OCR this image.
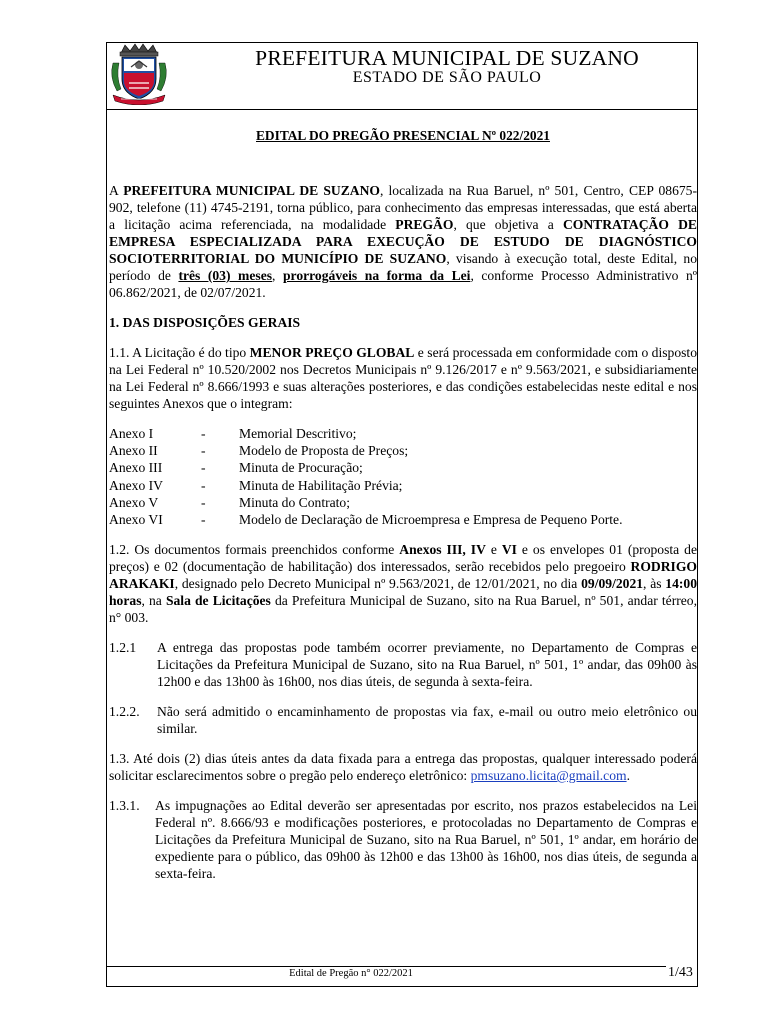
PREFEITURA MUNICIPAL DE SUZANO
ESTADO DE SÃO PAULO

EDITAL DO PREGÃO PRESENCIAL Nº 022/2021

A PREFEITURA MUNICIPAL DE SUZANO, localizada na Rua Baruel, nº 501, Centro, CEP 08675-902, telefone (11) 4745-2191, torna público, para conhecimento das empresas interessadas, que está aberta a licitação acima referenciada, na modalidade PREGÃO, que objetiva a CONTRATAÇÃO DE EMPRESA ESPECIALIZADA PARA EXECUÇÃO DE ESTUDO DE DIAGNÓSTICO SOCIOTERRITORIAL DO MUNICÍPIO DE SUZANO, visando à execução total, deste Edital, no período de três (03) meses, prorrogáveis na forma da Lei, conforme Processo Administrativo nº 06.862/2021, de 02/07/2021.

1. DAS DISPOSIÇÕES GERAIS

1.1. A Licitação é do tipo MENOR PREÇO GLOBAL e será processada em conformidade com o disposto na Lei Federal nº 10.520/2002 nos Decretos Municipais nº 9.126/2017 e nº 9.563/2021, e subsidiariamente na Lei Federal nº 8.666/1993 e suas alterações posteriores, e das condições estabelecidas neste edital e nos seguintes Anexos que o integram:

Anexo I	-	Memorial Descritivo;
Anexo II	-	Modelo de Proposta de Preços;
Anexo III	-	Minuta de Procuração;
Anexo IV	-	Minuta de Habilitação Prévia;
Anexo V	-	Minuta do Contrato;
Anexo VI	-	Modelo de Declaração de Microempresa e Empresa de Pequeno Porte.

1.2. Os documentos formais preenchidos conforme Anexos III, IV e VI e os envelopes 01 (proposta de preços) e 02 (documentação de habilitação) dos interessados, serão recebidos pelo pregoeiro RODRIGO ARAKAKI, designado pelo Decreto Municipal nº 9.563/2021, de 12/01/2021, no dia 09/09/2021, às 14:00 horas, na Sala de Licitações da Prefeitura Municipal de Suzano, sito na Rua Baruel, nº 501, andar térreo, n° 003.

1.2.1	A entrega das propostas pode também ocorrer previamente, no Departamento de Compras e Licitações da Prefeitura Municipal de Suzano, sito na Rua Baruel, nº 501, 1º andar, das 09h00 às 12h00 e das 13h00 às 16h00, nos dias úteis, de segunda à sexta-feira.
1.2.2.	Não será admitido o encaminhamento de propostas via fax, e-mail ou outro meio eletrônico ou similar.

1.3. Até dois (2) dias úteis antes da data fixada para a entrega das propostas, qualquer interessado poderá solicitar esclarecimentos sobre o pregão pelo endereço eletrônico: pmsuzano.licita@gmail.com.

1.3.1.	As impugnações ao Edital deverão ser apresentadas por escrito, nos prazos estabelecidos na Lei Federal nº. 8.666/93 e modificações posteriores, e protocoladas no Departamento de Compras e Licitações da Prefeitura Municipal de Suzano, sito na Rua Baruel, nº 501, 1º andar, em horário de expediente para o público, das 09h00 às 12h00 e das 13h00 às 16h00, nos dias úteis, de segunda a sexta-feira.
Edital de Pregão n° 022/2021	1/43
